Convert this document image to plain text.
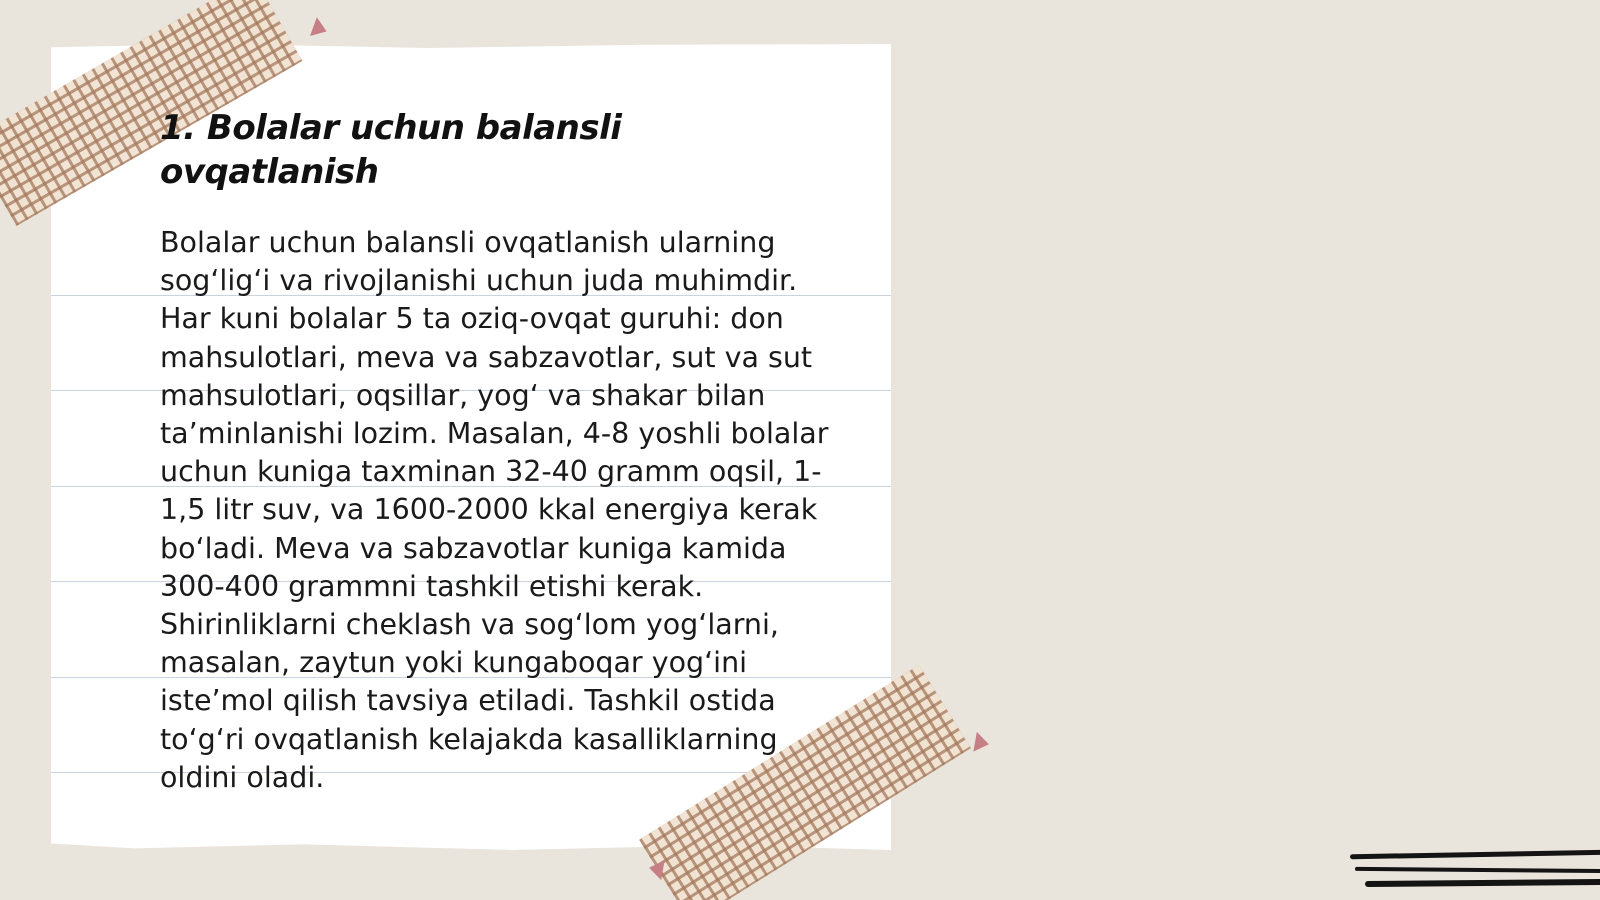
1. Bolalar uchun balansli ovqatlanish

Bolalar uchun balansli ovqatlanish ularning sog‘lig‘i va rivojlanishi uchun juda muhimdir. Har kuni bolalar 5 ta oziq-ovqat guruhi: don mahsulotlari, meva va sabzavotlar, sut va sut mahsulotlari, oqsillar, yog‘ va shakar bilan ta’minlanishi lozim. Masalan, 4-8 yoshli bolalar uchun kuniga taxminan 32-40 gramm oqsil, 1-1,5 litr suv, va 1600-2000 kkal energiya kerak bo‘ladi. Meva va sabzavotlar kuniga kamida 300-400 grammni tashkil etishi kerak. Shirinliklarni cheklash va sog‘lom yog‘larni, masalan, zaytun yoki kungaboqar yog‘ini iste’mol qilish tavsiya etiladi. Tashkil ostida to‘g‘ri ovqatlanish kelajakda kasalliklarning oldini oladi.
